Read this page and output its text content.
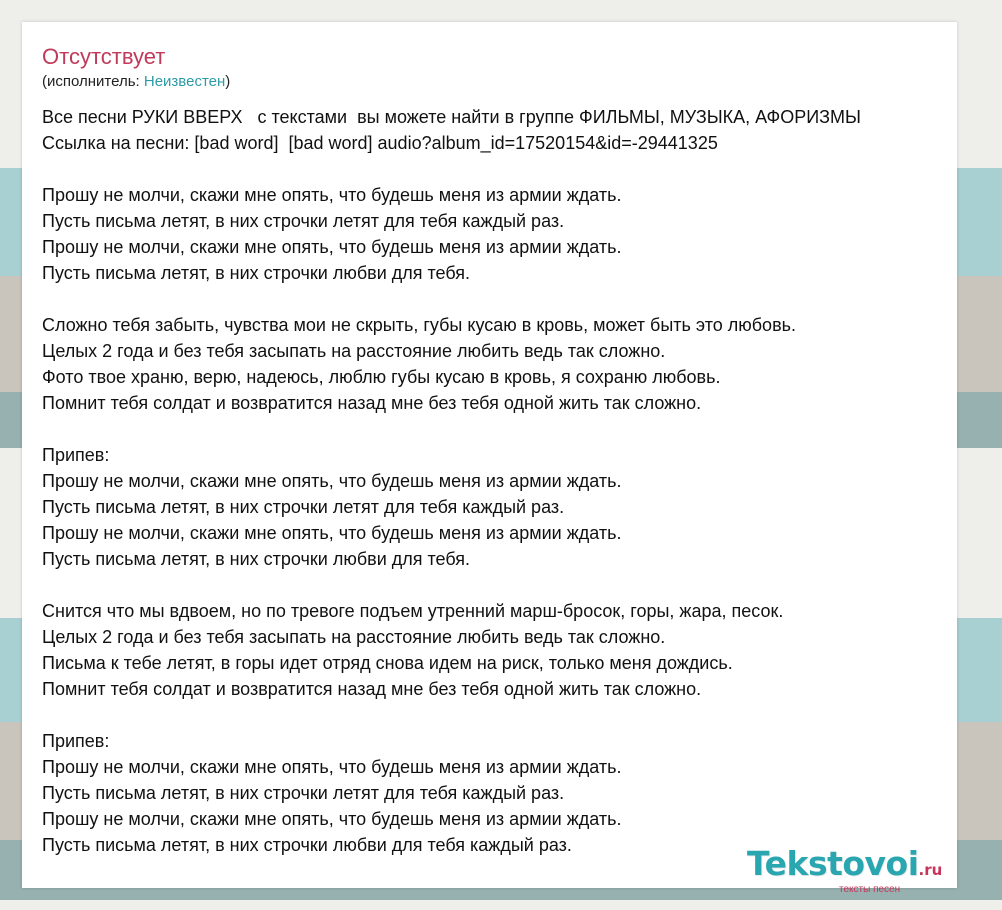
Отсутствует
(исполнитель: Неизвестен)
Все песни РУКИ ВВЕРХ   с текстами  вы можете найти в группе ФИЛЬМЫ, МУЗЫКА, АФОРИЗМЫ
Ссылка на песни: [bad word]  [bad word] audio?album_id=17520154&id=-29441325

Прошу не молчи, скажи мне опять, что будешь меня из армии ждать.
Пусть письма летят, в них строчки летят для тебя каждый раз.
Прошу не молчи, скажи мне опять, что будешь меня из армии ждать.
Пусть письма летят, в них строчки любви для тебя.

Сложно тебя забыть, чувства мои не скрыть, губы кусаю в кровь, может быть это любовь.
Целых 2 года и без тебя засыпать на расстояние любить ведь так сложно.
Фото твое храню, верю, надеюсь, люблю губы кусаю в кровь, я сохраню любовь.
Помнит тебя солдат и возвратится назад мне без тебя одной жить так сложно.

Припев:
Прошу не молчи, скажи мне опять, что будешь меня из армии ждать.
Пусть письма летят, в них строчки летят для тебя каждый раз.
Прошу не молчи, скажи мне опять, что будешь меня из армии ждать.
Пусть письма летят, в них строчки любви для тебя.

Снится что мы вдвоем, но по тревоге подъем утренний марш-бросок, горы, жара, песок.
Целых 2 года и без тебя засыпать на расстояние любить ведь так сложно.
Письма к тебе летят, в горы идет отряд снова идем на риск, только меня дождись.
Помнит тебя солдат и возвратится назад мне без тебя одной жить так сложно.

Припев:
Прошу не молчи, скажи мне опять, что будешь меня из армии ждать.
Пусть письма летят, в них строчки летят для тебя каждый раз.
Прошу не молчи, скажи мне опять, что будешь меня из армии ждать.
Пусть письма летят, в них строчки любви для тебя каждый раз.	Tekstovoi.ru
тексты песен
